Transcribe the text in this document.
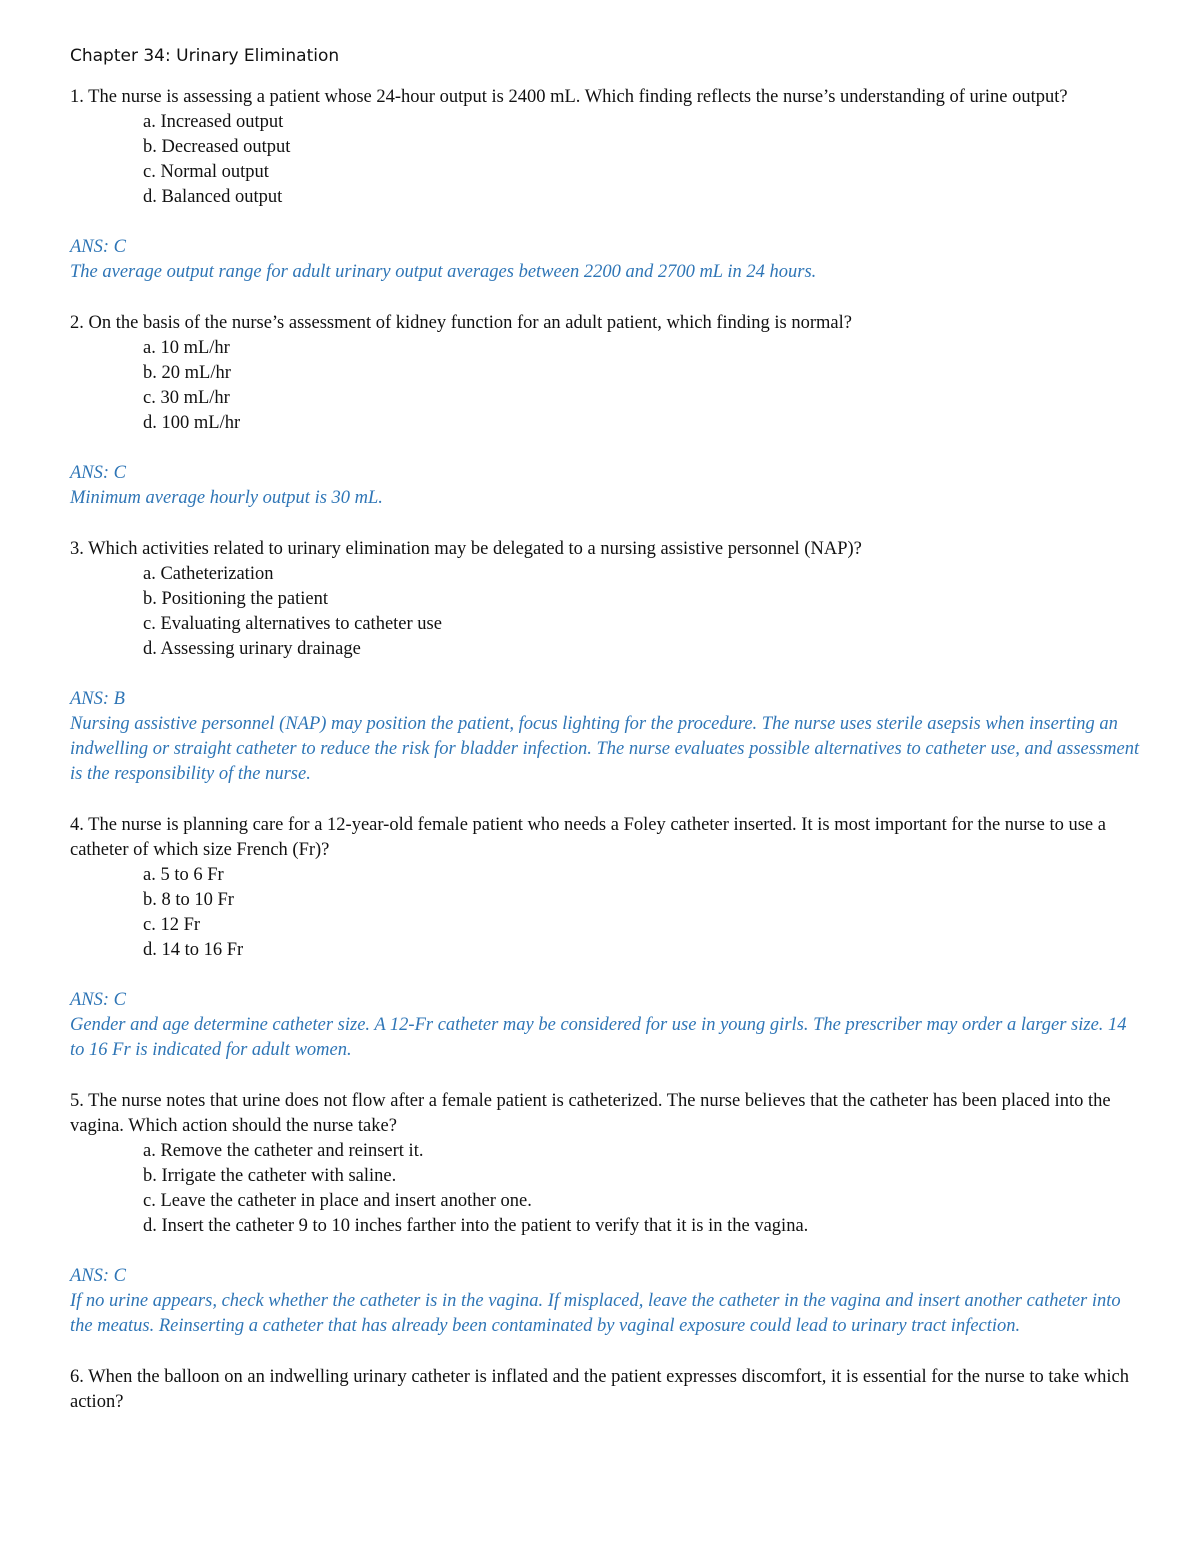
Chapter 34: Urinary Elimination

1. The nurse is assessing a patient whose 24-hour output is 2400 mL. Which finding reflects the nurse’s understanding of urine output?

a. Increased output
b. Decreased output
c. Normal output
d. Balanced output

ANS: C

The average output range for adult urinary output averages between 2200 and 2700 mL in 24 hours.

2. On the basis of the nurse’s assessment of kidney function for an adult patient, which finding is normal?

a. 10 mL/hr
b. 20 mL/hr
c. 30 mL/hr
d. 100 mL/hr

ANS: C

Minimum average hourly output is 30 mL.

3. Which activities related to urinary elimination may be delegated to a nursing assistive personnel (NAP)?

a. Catheterization
b. Positioning the patient
c. Evaluating alternatives to catheter use
d. Assessing urinary drainage

ANS: B

Nursing assistive personnel (NAP) may position the patient, focus lighting for the procedure. The nurse uses sterile asepsis when inserting an indwelling or straight catheter to reduce the risk for bladder infection. The nurse evaluates possible alternatives to catheter use, and assessment is the responsibility of the nurse.

4. The nurse is planning care for a 12-year-old female patient who needs a Foley catheter inserted. It is most important for the nurse to use a catheter of which size French (Fr)?

a. 5 to 6 Fr
b. 8 to 10 Fr
c. 12 Fr
d. 14 to 16 Fr

ANS: C

Gender and age determine catheter size. A 12-Fr catheter may be considered for use in young girls. The prescriber may order a larger size. 14 to 16 Fr is indicated for adult women.

5. The nurse notes that urine does not flow after a female patient is catheterized. The nurse believes that the catheter has been placed into the vagina. Which action should the nurse take?

a. Remove the catheter and reinsert it.
b. Irrigate the catheter with saline.
c. Leave the catheter in place and insert another one.
d. Insert the catheter 9 to 10 inches farther into the patient to verify that it is in the vagina.

ANS: C

If no urine appears, check whether the catheter is in the vagina. If misplaced, leave the catheter in the vagina and insert another catheter into the meatus. Reinserting a catheter that has already been contaminated by vaginal exposure could lead to urinary tract infection.

6. When the balloon on an indwelling urinary catheter is inflated and the patient expresses discomfort, it is essential for the nurse to take which action?
